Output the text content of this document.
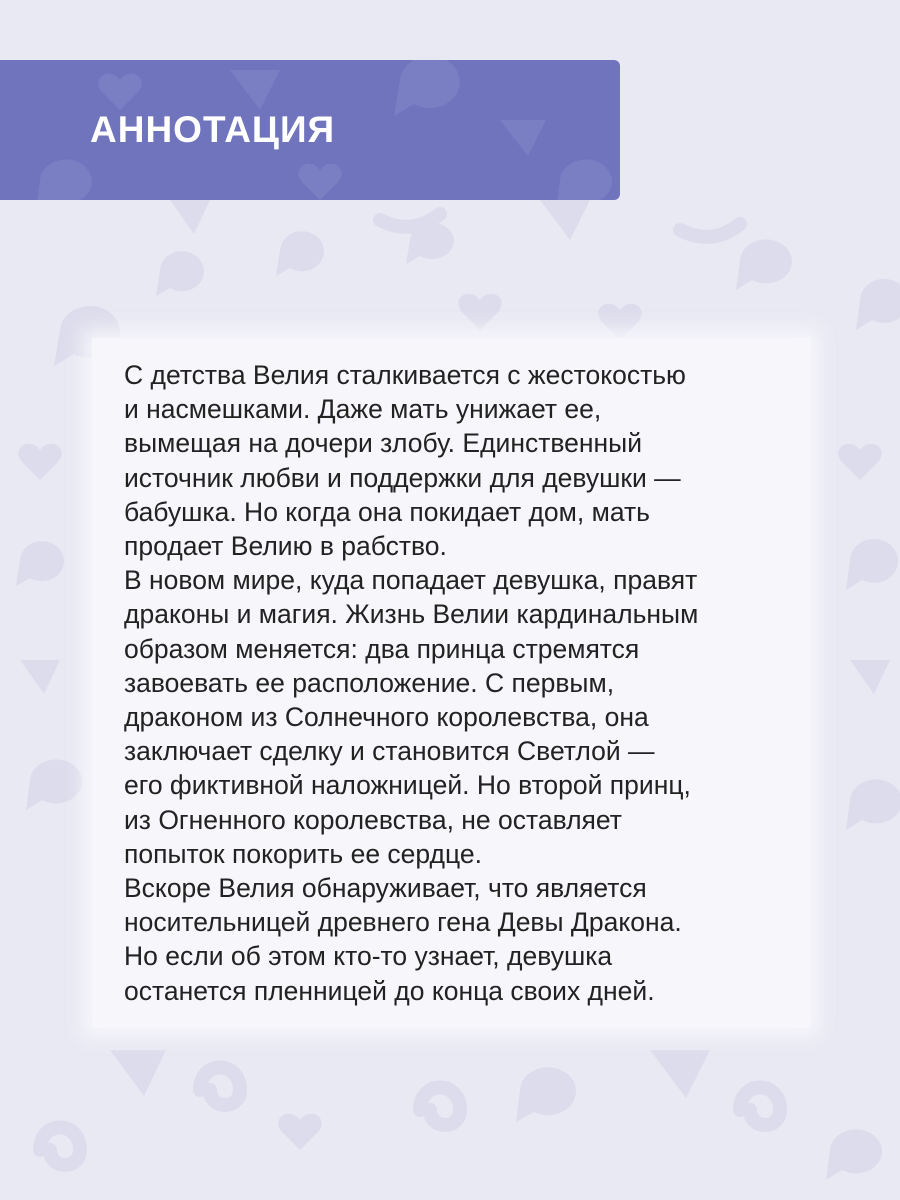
АННОТАЦИЯ
С детства Велия сталкивается с жестокостью
и насмешками. Даже мать унижает ее,
вымещая на дочери злобу. Единственный
источник любви и поддержки для девушки —
бабушка. Но когда она покидает дом, мать
продает Велию в рабство.
В новом мире, куда попадает девушка, правят
драконы и магия. Жизнь Велии кардинальным
образом меняется: два принца стремятся
завоевать ее расположение. С первым,
драконом из Солнечного королевства, она
заключает сделку и становится Светлой —
его фиктивной наложницей. Но второй принц,
из Огненного королевства, не оставляет
попыток покорить ее сердце.
Вскоре Велия обнаруживает, что является
носительницей древнего гена Девы Дракона.
Но если об этом кто-то узнает, девушка
останется пленницей до конца своих дней.
